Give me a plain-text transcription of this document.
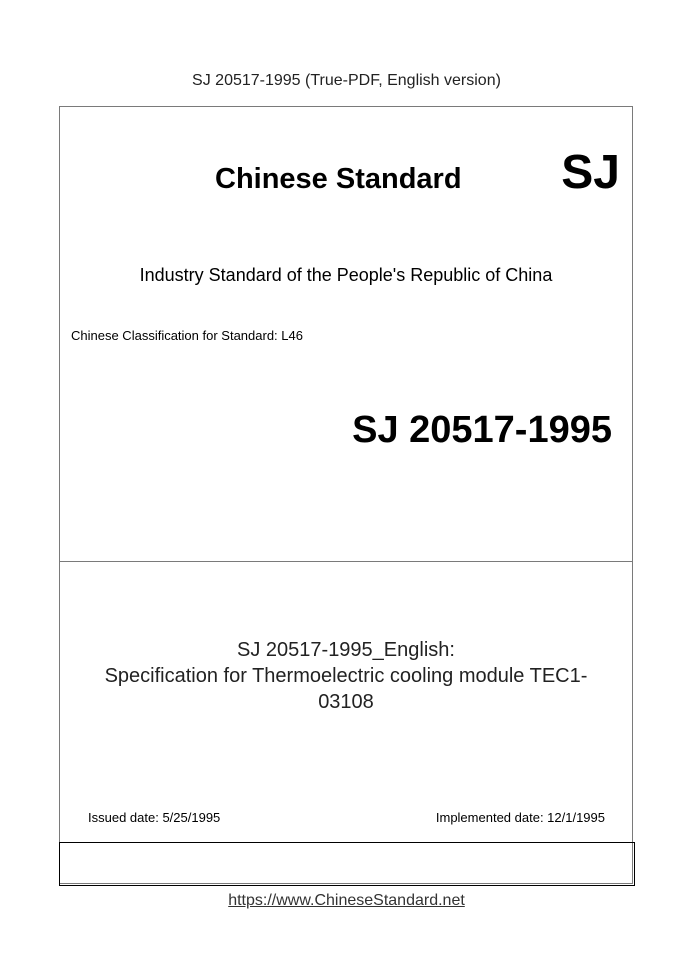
SJ 20517-1995 (True-PDF, English version)
Chinese Standard SJ
Industry Standard of the People's Republic of China
Chinese Classification for Standard: L46
SJ 20517-1995
SJ 20517-1995_English:
Specification for Thermoelectric cooling module TEC1-
03108
Issued date: 5/25/1995	Implemented date: 12/1/1995
https://www.ChineseStandard.net
